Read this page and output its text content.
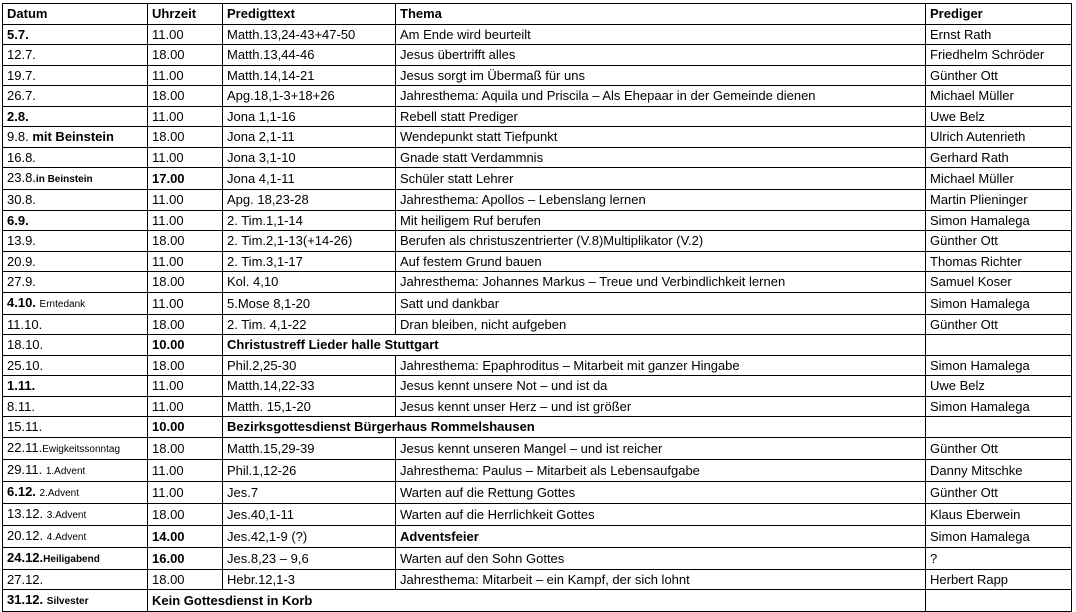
Datum	Uhrzeit	Predigttext	Thema	Prediger
5.7.	11.00	Matth.13,24-43+47-50	Am Ende wird beurteilt	Ernst Rath
12.7.	18.00	Matth.13,44-46	Jesus übertrifft alles	Friedhelm Schröder
19.7.	11.00	Matth.14,14-21	Jesus sorgt im Übermaß für uns	Günther Ott
26.7.	18.00	Apg.18,1-3+18+26	Jahresthema: Aquila und Priscila – Als Ehepaar in der Gemeinde dienen	Michael Müller
2.8.	11.00	Jona 1,1-16	Rebell statt Prediger	Uwe Belz
9.8. mit Beinstein	18.00	Jona 2,1-11	Wendepunkt statt Tiefpunkt	Ulrich Autenrieth
16.8.	11.00	Jona 3,1-10	Gnade statt Verdammnis	Gerhard Rath
23.8.in Beinstein	17.00	Jona 4,1-11	Schüler statt Lehrer	Michael Müller
30.8.	11.00	Apg. 18,23-28	Jahresthema: Apollos – Lebenslang lernen	Martin Plieninger
6.9.	11.00	2. Tim.1,1-14	Mit heiligem Ruf berufen	Simon Hamalega
13.9.	18.00	2. Tim.2,1-13(+14-26)	Berufen als christuszentrierter (V.8)Multiplikator (V.2)	Günther Ott
20.9.	11.00	2. Tim.3,1-17	Auf festem Grund bauen	Thomas Richter
27.9.	18.00	Kol. 4,10	Jahresthema: Johannes Markus – Treue und Verbindlichkeit lernen	Samuel Koser
4.10. Erntedank	11.00	5.Mose 8,1-20	Satt und dankbar	Simon Hamalega
11.10.	18.00	2. Tim. 4,1-22	Dran bleiben, nicht aufgeben	Günther Ott
18.10.	10.00	Christustreff Lieder halle Stuttgart		
25.10.	18.00	Phil.2,25-30	Jahresthema: Epaphroditus – Mitarbeit mit ganzer Hingabe	Simon Hamalega
1.11.	11.00	Matth.14,22-33	Jesus kennt unsere Not – und ist da	Uwe Belz
8.11.	11.00	Matth. 15,1-20	Jesus kennt unser Herz – und ist größer	Simon Hamalega
15.11.	10.00	Bezirksgottesdienst Bürgerhaus Rommelshausen		
22.11.Ewigkeitssonntag	18.00	Matth.15,29-39	Jesus kennt unseren Mangel – und ist reicher	Günther Ott
29.11. 1.Advent	11.00	Phil.1,12-26	Jahresthema: Paulus – Mitarbeit als Lebensaufgabe	Danny Mitschke
6.12. 2.Advent	11.00	Jes.7	Warten auf die Rettung Gottes	Günther Ott
13.12. 3.Advent	18.00	Jes.40,1-11	Warten auf die Herrlichkeit Gottes	Klaus Eberwein
20.12. 4.Advent	14.00	Jes.42,1-9 (?)	Adventsfeier	Simon Hamalega
24.12.Heiligabend	16.00	Jes.8,23 – 9,6	Warten auf den Sohn Gottes	?
27.12.	18.00	Hebr.12,1-3	Jahresthema: Mitarbeit – ein Kampf, der sich lohnt	Herbert Rapp
31.12. Silvester	Kein Gottesdienst in Korb			
